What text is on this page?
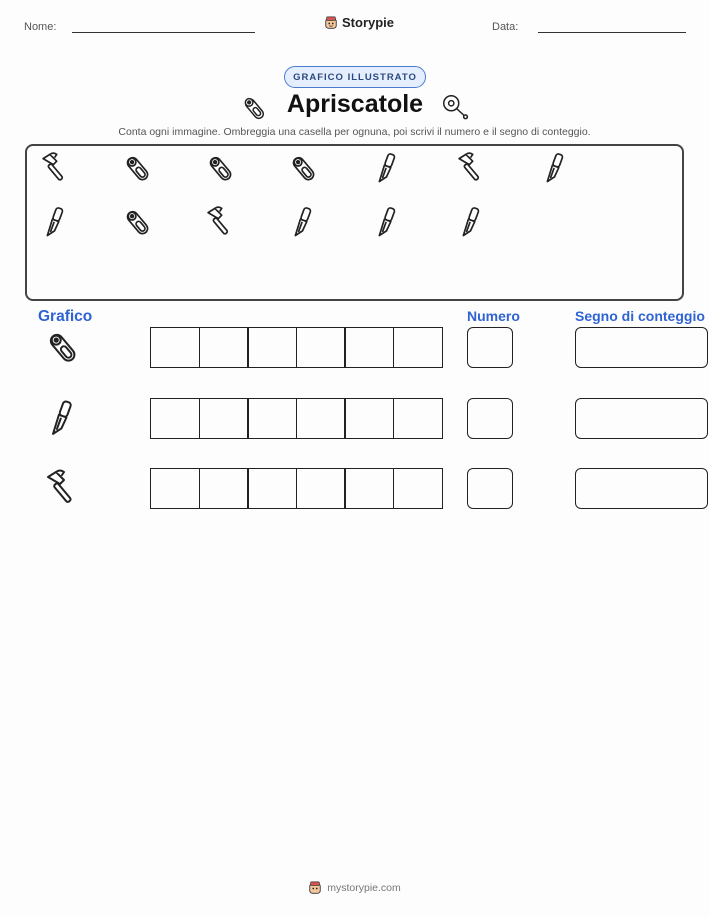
Nome:	Storypie	Data:
GRAFICO ILLUSTRATO
Apriscatole
Conta ogni immagine. Ombreggia una casella per ognuna, poi scrivi il numero e il segno di conteggio.
Grafico	Numero	Segno di conteggio
mystorypie.com
